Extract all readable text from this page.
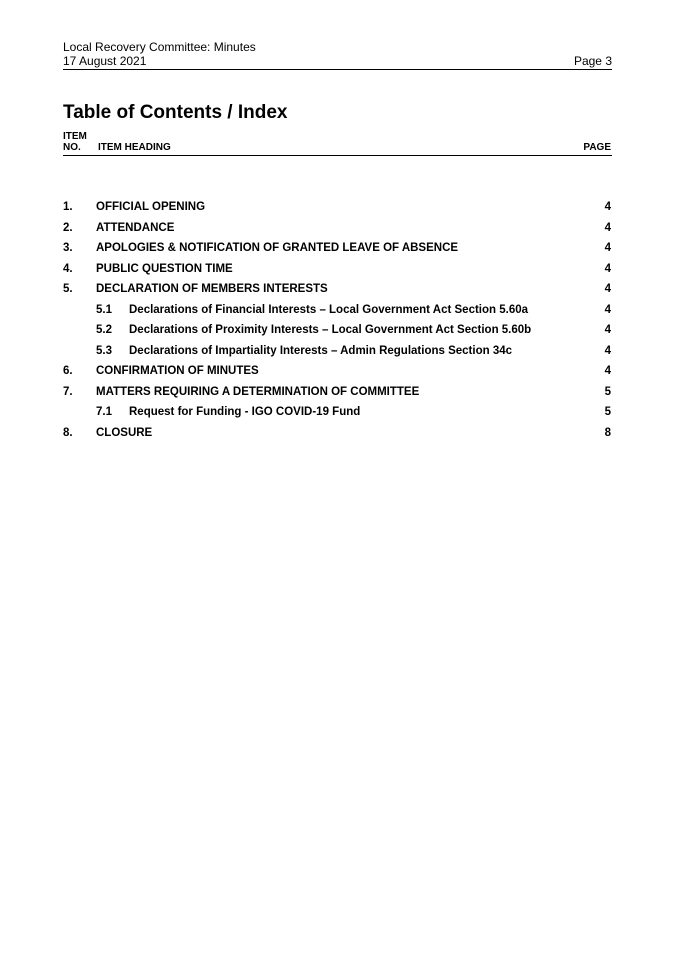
Local Recovery Committee: Minutes
17 August 2021	Page 3
Table of Contents / Index
ITEM NO.	ITEM HEADING	PAGE
1. OFFICIAL OPENING	4
2. ATTENDANCE	4
3. APOLOGIES & NOTIFICATION OF GRANTED LEAVE OF ABSENCE	4
4. PUBLIC QUESTION TIME	4
5. DECLARATION OF MEMBERS INTERESTS	4
5.1 Declarations of Financial Interests – Local Government Act Section 5.60a	4
5.2 Declarations of Proximity Interests – Local Government Act Section 5.60b	4
5.3 Declarations of Impartiality Interests – Admin Regulations Section 34c	4
6. CONFIRMATION OF MINUTES	4
7. MATTERS REQUIRING A DETERMINATION OF COMMITTEE	5
7.1 Request for Funding - IGO COVID-19 Fund	5
8. CLOSURE	8
